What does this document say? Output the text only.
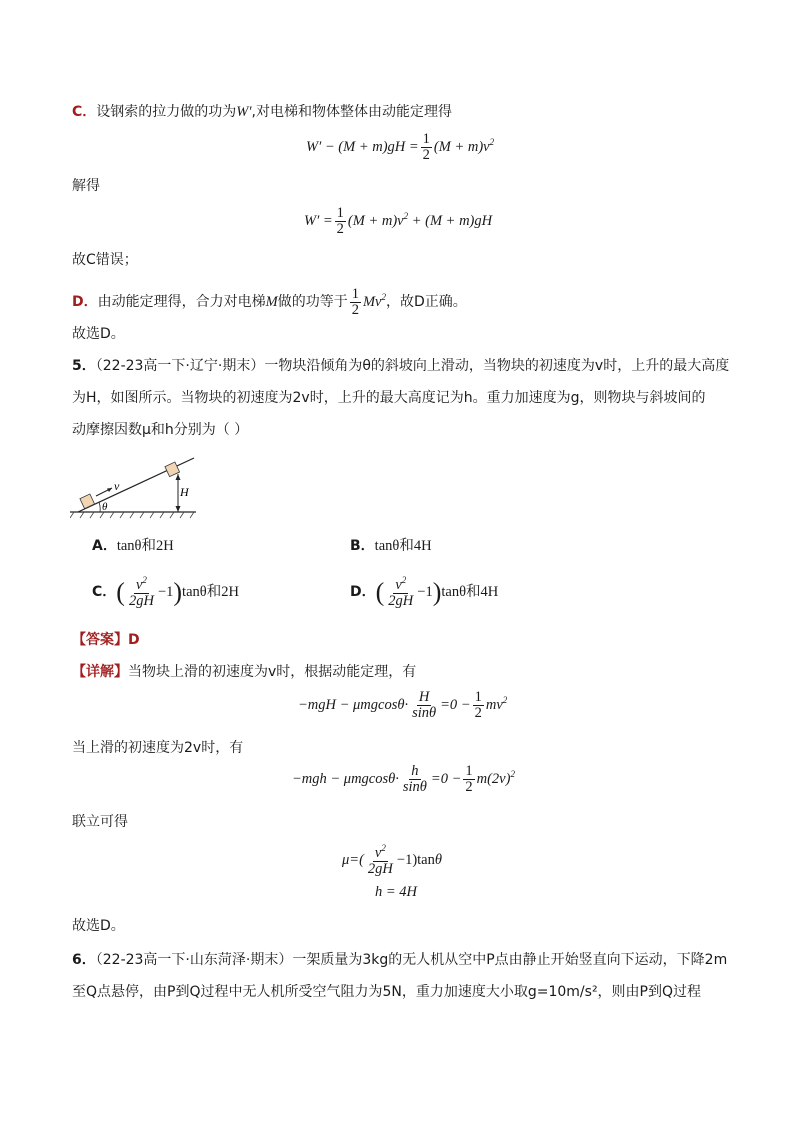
C．设钢索的拉力做的功为W′,对电梯和物体整体由动能定理得
$W' - (M + m)gH = \frac{1}{2} (M + m)v^2$
解得
$W' = \frac{1}{2} (M + m)v^2 + (M + m)gH$
故C错误；
D．由动能定理得，合力对电梯M做的功等于 $\frac{1}{2} Mv^2$，故D正确。
故选D。
5．（22-23高一下·辽宁·期末）一物块沿倾角为θ的斜坡向上滑动，当物块的初速度为v时，上升的最大高度
为H，如图所示。当物块的初速度为2v时，上升的最大高度记为h。重力加速度为g，则物块与斜坡间的
动摩擦因数μ和h分别为（ ）
v	H
θ
A．tanθ和2H	B．tanθ和4H
C．( $\frac{v^2}{2gH} -1)\tan\theta$和2H	D．( $\frac{v^2}{2gH} -1)\tan\theta$和4H
【答案】D
【详解】当物块上滑的初速度为v时，根据动能定理，有
$-mgH - \mu mgcos\theta\cdot \frac{H}{\sin\theta} =0 - \frac{1}{2} mv^2$
当上滑的初速度为2v时，有
$-mgh - \mu mgcos\theta\cdot \frac{h}{\sin\theta} =0 - \frac{1}{2} m(2v)^2$
联立可得
$\mu=( \frac{v^2}{2gH} -1)\tan\theta$
h = 4H
故选D。
6．（22-23高一下·山东菏泽·期末）一架质量为3kg的无人机从空中P点由静止开始竖直向下运动，下降2m
至Q点悬停，由P到Q过程中无人机所受空气阻力为5N，重力加速度大小取g=10m/s²，则由P到Q过程
